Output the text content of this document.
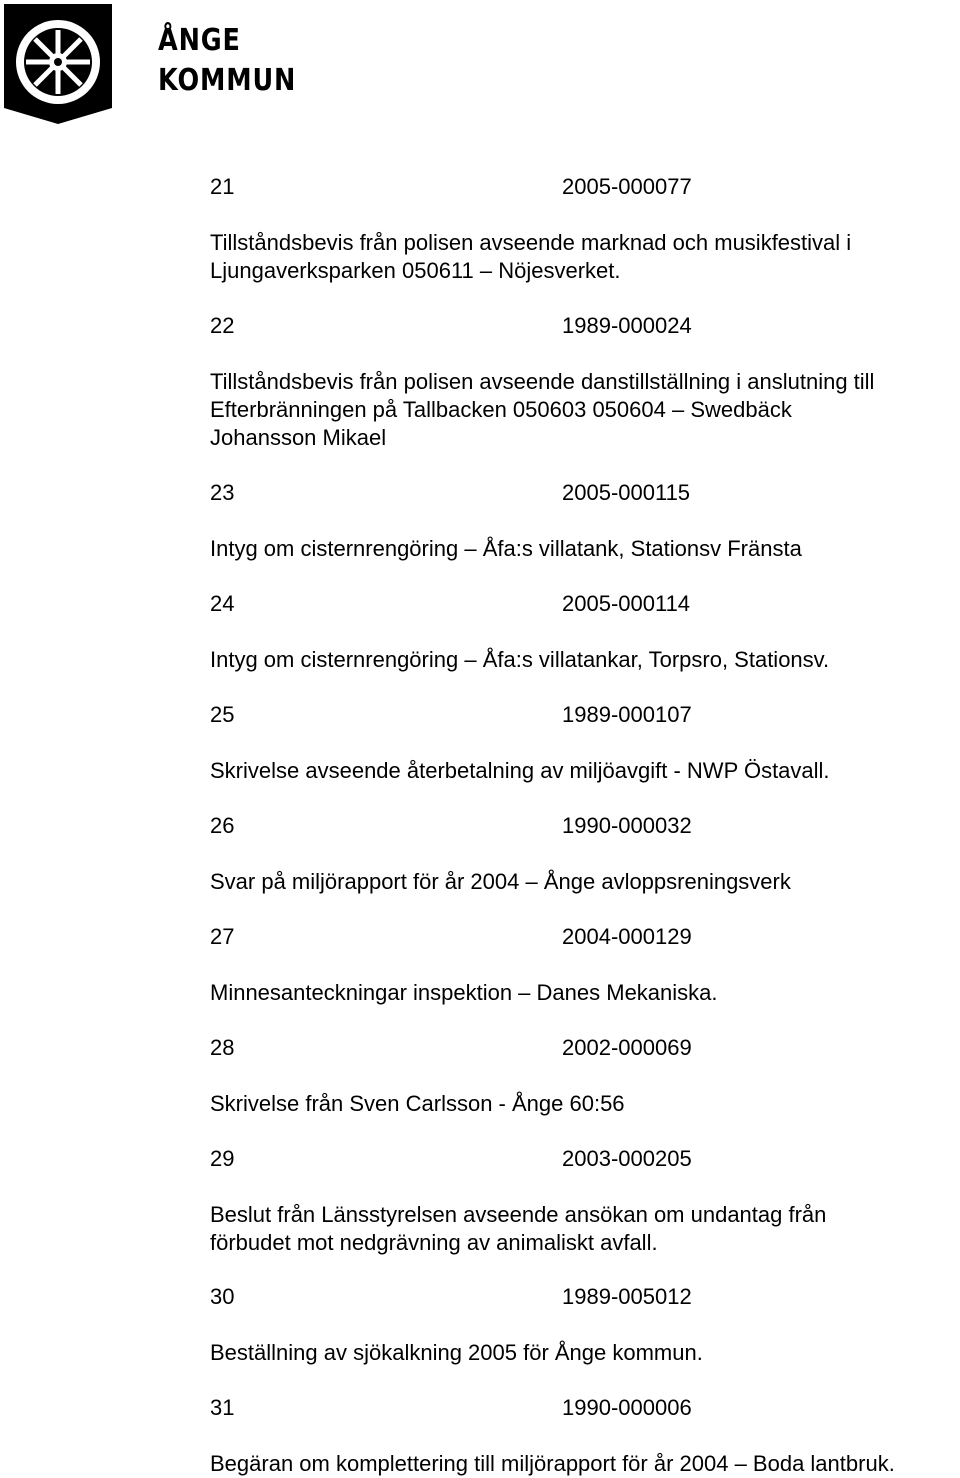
ÅNGE
KOMMUN
21	2005-000077
Tillståndsbevis från polisen avseende marknad och musikfestival i
Ljungaverksparken 050611 – Nöjesverket.
22	1989-000024
Tillståndsbevis från polisen avseende danstillställning i anslutning till
Efterbränningen på Tallbacken 050603 050604 – Swedbäck
Johansson Mikael
23	2005-000115
Intyg om cisternrengöring – Åfa:s villatank, Stationsv Fränsta
24	2005-000114
Intyg om cisternrengöring – Åfa:s villatankar, Torpsro, Stationsv.
25	1989-000107
Skrivelse avseende återbetalning av miljöavgift - NWP Östavall.
26	1990-000032
Svar på miljörapport för år 2004 – Ånge avloppsreningsverk
27	2004-000129
Minnesanteckningar inspektion – Danes Mekaniska.
28	2002-000069
Skrivelse från Sven Carlsson - Ånge 60:56
29	2003-000205
Beslut från Länsstyrelsen avseende ansökan om undantag från
förbudet mot nedgrävning av animaliskt avfall.
30	1989-005012
Beställning av sjökalkning 2005 för Ånge kommun.
31	1990-000006
Begäran om komplettering till miljörapport för år 2004 – Boda lantbruk.
